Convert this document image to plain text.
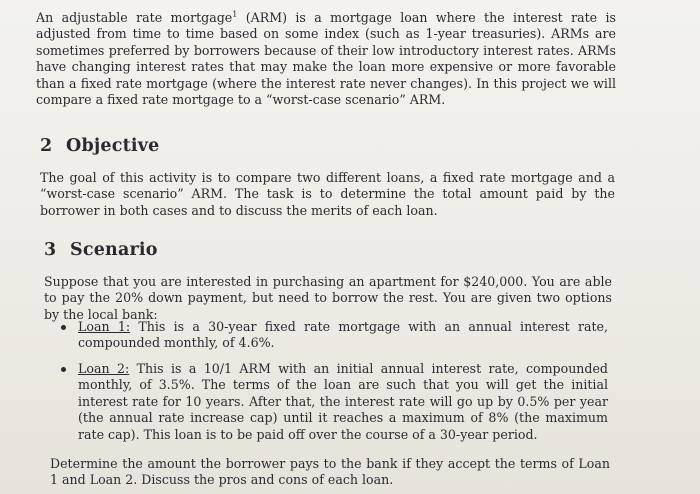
An adjustable rate mortgage$^1$ (ARM) is a mortgage loan where the interest rate is adjusted from time to time based on some index (such as 1-year treasuries). ARMs are sometimes preferred by borrowers because of their low introductory interest rates. ARMs have changing interest rates that may make the loan more expensive or more favorable than a fixed rate mortgage (where the interest rate never changes). In this project we will compare a fixed rate mortgage to a “worst-case scenario” ARM.

2 Objective

The goal of this activity is to compare two different loans, a fixed rate mortgage and a “worst-case scenario” ARM. The task is to determine the total amount paid by the borrower in both cases and to discuss the merits of each loan.

3 Scenario

Suppose that you are interested in purchasing an apartment for $240,000. You are able to pay the 20% down payment, but need to borrow the rest. You are given two options by the local bank:

Loan 1: This is a 30-year fixed rate mortgage with an annual interest rate, compounded monthly, of 4.6%.
Loan 2: This is a 10/1 ARM with an initial annual interest rate, compounded monthly, of 3.5%. The terms of the loan are such that you will get the initial interest rate for 10 years. After that, the interest rate will go up by 0.5% per year (the annual rate increase cap) until it reaches a maximum of 8% (the maximum rate cap). This loan is to be paid off over the course of a 30-year period.

Determine the amount the borrower pays to the bank if they accept the terms of Loan 1 and Loan 2. Discuss the pros and cons of each loan.
